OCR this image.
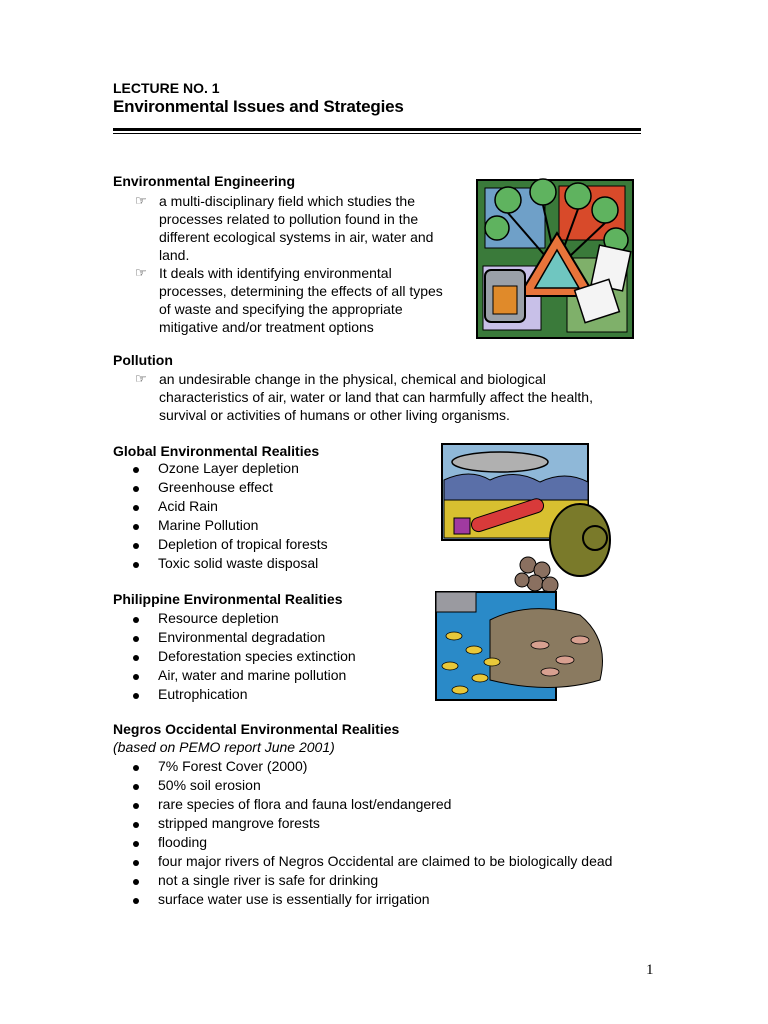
LECTURE NO. 1
Environmental Issues and Strategies
Environmental Engineering
☞ a multi-disciplinary field which studies the
processes related to pollution found in the
different ecological systems in air, water and
land.
☞ It deals with identifying environmental
processes, determining the effects of all types
of waste and specifying the appropriate
mitigative and/or treatment options
Pollution
☞ an undesirable change in the physical, chemical and biological
characteristics of air, water or land that can harmfully affect the health,
survival or activities of humans or other living organisms.
Global Environmental Realities
Ozone Layer depletion
Greenhouse effect
Acid Rain
Marine Pollution
Depletion of tropical forests
Toxic solid waste disposal
Philippine Environmental Realities
Resource depletion
Environmental degradation
Deforestation species extinction
Air, water and marine pollution
Eutrophication
Negros Occidental Environmental Realities
(based on PEMO report June 2001)
7% Forest Cover (2000)
50% soil erosion
rare species of flora and fauna lost/endangered
stripped mangrove forests
flooding
four major rivers of Negros Occidental are claimed to be biologically dead
not a single river is safe for drinking
surface water use is essentially for irrigation
1
